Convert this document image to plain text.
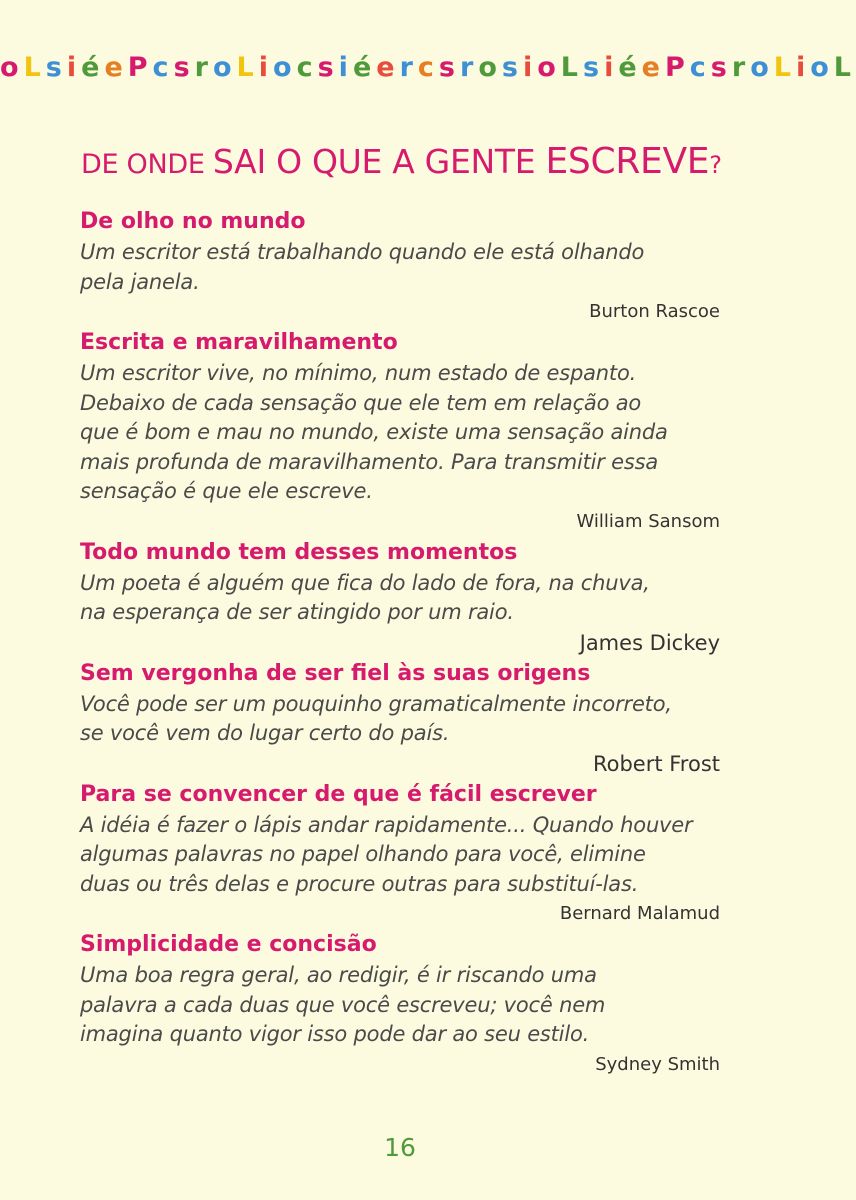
o L s i é e P c s r o L i o c s i é e r c s r o s i o L s i é e P c s r o L i o L
DE ONDE SAI O QUE A GENTE ESCREVE?
De olho no mundo

Um escritor está trabalhando quando ele está olhando
pela janela.

Burton Rascoe

Escrita e maravilhamento

Um escritor vive, no mínimo, num estado de espanto.
Debaixo de cada sensação que ele tem em relação ao
que é bom e mau no mundo, existe uma sensação ainda
mais profunda de maravilhamento. Para transmitir essa
sensação é que ele escreve.

William Sansom

Todo mundo tem desses momentos

Um poeta é alguém que fica do lado de fora, na chuva,
na esperança de ser atingido por um raio.

James Dickey

Sem vergonha de ser fiel às suas origens

Você pode ser um pouquinho gramaticalmente incorreto,
se você vem do lugar certo do país.

Robert Frost

Para se convencer de que é fácil escrever

A idéia é fazer o lápis andar rapidamente... Quando houver
algumas palavras no papel olhando para você, elimine
duas ou três delas e procure outras para substituí-las.

Bernard Malamud

Simplicidade e concisão

Uma boa regra geral, ao redigir, é ir riscando uma
palavra a cada duas que você escreveu; você nem
imagina quanto vigor isso pode dar ao seu estilo.

Sydney Smith

16
